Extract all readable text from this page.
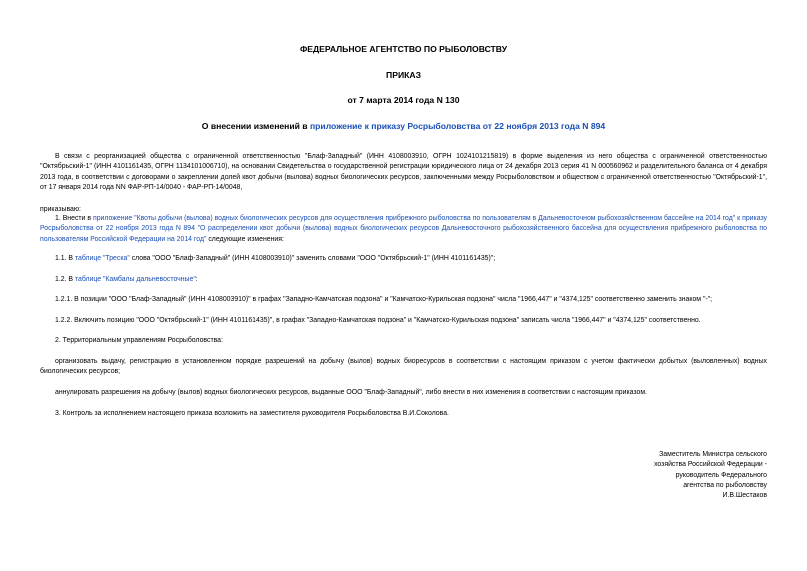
ФЕДЕРАЛЬНОЕ АГЕНТСТВО ПО РЫБОЛОВСТВУ
ПРИКАЗ
от 7 марта 2014 года N 130
О внесении изменений в приложение к приказу Росрыболовства от 22 ноября 2013 года N 894
В связи с реорганизацией общества с ограниченной ответственностью "Блаф-Западный" (ИНН 4108003910, ОГРН 1024101215819) в форме выделения из него общества с ограниченной ответственностью "Октябрьский-1" (ИНН 4101161435, ОГРН 1134101006710), на основании Свидетельства о государственной регистрации юридического лица от 24 декабря 2013 серия 41 N 000560962 и разделительного баланса от 4 декабря 2013 года, в соответствии с договорами о закреплении долей квот добычи (вылова) водных биологических ресурсов, заключенными между Росрыболовством и обществом с ограниченной ответственностью "Октябрьский-1", от 17 января 2014 года NN ФАР-РП-14/0040 - ФАР-РП-14/0048,
приказываю:
1. Внести в приложение "Квоты добычи (вылова) водных биологических ресурсов для осуществления прибрежного рыболовства по пользователям в Дальневосточном рыбохозяйственном бассейне на 2014 год" к приказу Росрыболовства от 22 ноября 2013 года N 894 "О распределении квот добычи (вылова) водных биологических ресурсов Дальневосточного рыбохозяйственного бассейна для осуществления прибрежного рыболовства по пользователям Российской Федерации на 2014 год" следующие изменения:
1.1. В таблице "Треска" слова "ООО "Блаф-Западный" (ИНН 4108003910)" заменить словами "ООО "Октябрьский-1" (ИНН 4101161435)";
1.2. В таблице "Камбалы дальневосточные":
1.2.1. В позиции "ООО "Блаф-Западный" (ИНН 4108003910)" в графах "Западно-Камчатская подзона" и "Камчатско-Курильская подзона" числа "1966,447" и "4374,125" соответственно заменить знаком "-";
1.2.2. Включить позицию "ООО "Октябрьский-1" (ИНН 4101161435)", в графах "Западно-Камчатская подзона" и "Камчатско-Курильская подзона" записать числа "1966,447" и "4374,125" соответственно.
2. Территориальным управлениям Росрыболовства:
организовать выдачу, регистрацию в установленном порядке разрешений на добычу (вылов) водных биоресурсов в соответствии с настоящим приказом с учетом фактически добытых (выловленных) водных биологических ресурсов;
аннулировать разрешения на добычу (вылов) водных биологических ресурсов, выданные ООО "Блаф-Западный", либо внести в них изменения в соответствии с настоящим приказом.
3. Контроль за исполнением настоящего приказа возложить на заместителя руководителя Росрыболовства В.И.Соколова.
Заместитель Министра сельского
хозяйства Российской Федерации -
руководитель Федерального
агентства по рыболовству
И.В.Шестаков
